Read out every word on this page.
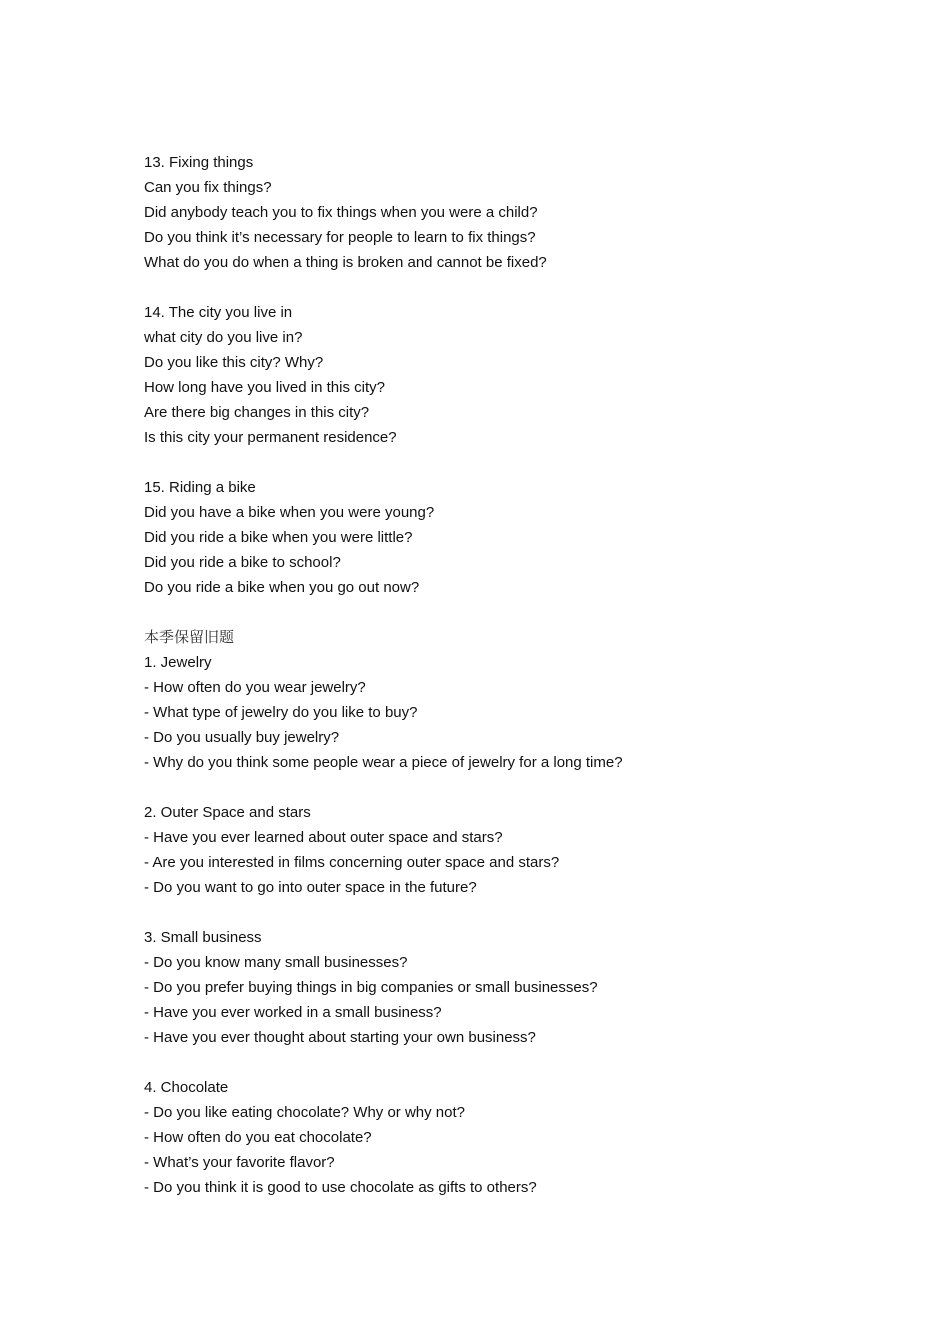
13. Fixing things
Can you fix things?
Did anybody teach you to fix things when you were a child?
Do you think it’s necessary for people to learn to fix things?
What do you do when a thing is broken and cannot be fixed?
14. The city you live in
what city do you live in?
Do you like this city? Why?
How long have you lived in this city?
Are there big changes in this city?
Is this city your permanent residence?
15. Riding a bike
Did you have a bike when you were young?
Did you ride a bike when you were little?
Did you ride a bike to school?
Do you ride a bike when you go out now?
本季保留旧题
1. Jewelry
- How often do you wear jewelry?
- What type of jewelry do you like to buy?
- Do you usually buy jewelry?
- Why do you think some people wear a piece of jewelry for a long time?
2. Outer Space and stars
- Have you ever learned about outer space and stars?
- Are you interested in films concerning outer space and stars?
- Do you want to go into outer space in the future?
3. Small business
- Do you know many small businesses?
- Do you prefer buying things in big companies or small businesses?
- Have you ever worked in a small business?
- Have you ever thought about starting your own business?
4. Chocolate
- Do you like eating chocolate? Why or why not?
- How often do you eat chocolate?
- What’s your favorite flavor?
- Do you think it is good to use chocolate as gifts to others?
